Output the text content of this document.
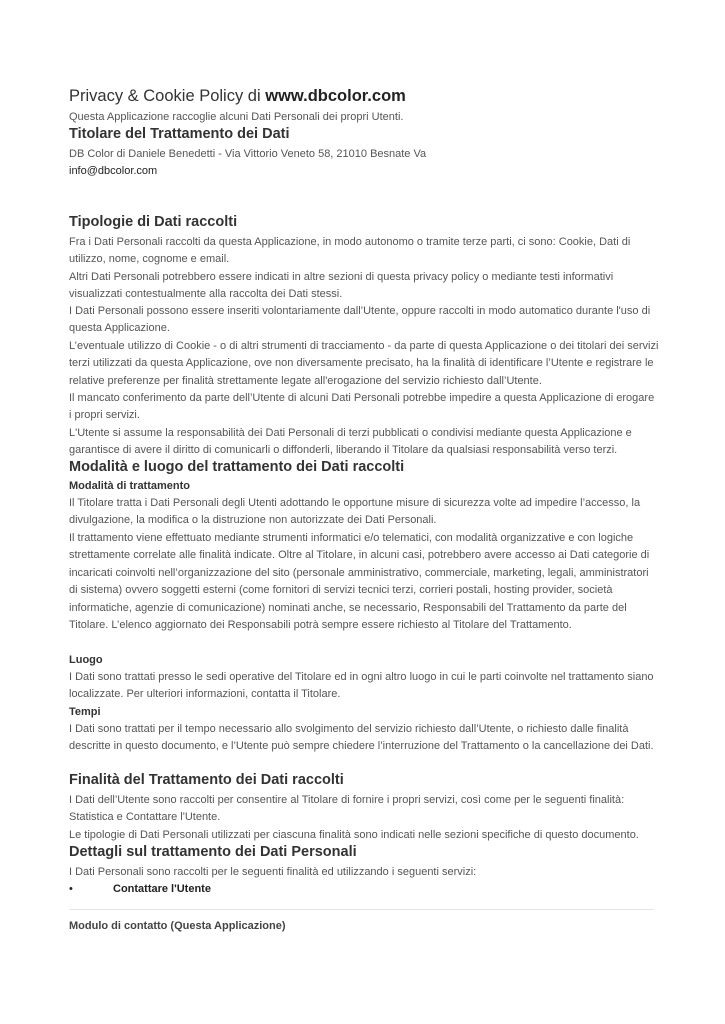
Privacy & Cookie Policy di www.dbcolor.com
Questa Applicazione raccoglie alcuni Dati Personali dei propri Utenti.
Titolare del Trattamento dei Dati
DB Color di Daniele Benedetti - Via Vittorio Veneto 58, 21010 Besnate Va
info@dbcolor.com
Tipologie di Dati raccolti
Fra i Dati Personali raccolti da questa Applicazione, in modo autonomo o tramite terze parti, ci sono: Cookie, Dati di utilizzo, nome, cognome e email.
Altri Dati Personali potrebbero essere indicati in altre sezioni di questa privacy policy o mediante testi informativi visualizzati contestualmente alla raccolta dei Dati stessi.
I Dati Personali possono essere inseriti volontariamente dall’Utente, oppure raccolti in modo automatico durante l'uso di questa Applicazione.
L’eventuale utilizzo di Cookie - o di altri strumenti di tracciamento - da parte di questa Applicazione o dei titolari dei servizi terzi utilizzati da questa Applicazione, ove non diversamente precisato, ha la finalità di identificare l’Utente e registrare le relative preferenze per finalità strettamente legate all'erogazione del servizio richiesto dall’Utente.
Il mancato conferimento da parte dell’Utente di alcuni Dati Personali potrebbe impedire a questa Applicazione di erogare i propri servizi.
L'Utente si assume la responsabilità dei Dati Personali di terzi pubblicati o condivisi mediante questa Applicazione e garantisce di avere il diritto di comunicarli o diffonderli, liberando il Titolare da qualsiasi responsabilità verso terzi.
Modalità e luogo del trattamento dei Dati raccolti
Modalità di trattamento
Il Titolare tratta i Dati Personali degli Utenti adottando le opportune misure di sicurezza volte ad impedire l’accesso, la divulgazione, la modifica o la distruzione non autorizzate dei Dati Personali.
Il trattamento viene effettuato mediante strumenti informatici e/o telematici, con modalità organizzative e con logiche strettamente correlate alle finalità indicate. Oltre al Titolare, in alcuni casi, potrebbero avere accesso ai Dati categorie di incaricati coinvolti nell’organizzazione del sito (personale amministrativo, commerciale, marketing, legali, amministratori di sistema) ovvero soggetti esterni (come fornitori di servizi tecnici terzi, corrieri postali, hosting provider, società informatiche, agenzie di comunicazione) nominati anche, se necessario, Responsabili del Trattamento da parte del Titolare. L’elenco aggiornato dei Responsabili potrà sempre essere richiesto al Titolare del Trattamento.
Luogo
I Dati sono trattati presso le sedi operative del Titolare ed in ogni altro luogo in cui le parti coinvolte nel trattamento siano localizzate. Per ulteriori informazioni, contatta il Titolare.
Tempi
I Dati sono trattati per il tempo necessario allo svolgimento del servizio richiesto dall’Utente, o richiesto dalle finalità descritte in questo documento, e l’Utente può sempre chiedere l’interruzione del Trattamento o la cancellazione dei Dati.
Finalità del Trattamento dei Dati raccolti
I Dati dell’Utente sono raccolti per consentire al Titolare di fornire i propri servizi, così come per le seguenti finalità: Statistica e Contattare l'Utente.
Le tipologie di Dati Personali utilizzati per ciascuna finalità sono indicati nelle sezioni specifiche di questo documento.
Dettagli sul trattamento dei Dati Personali
I Dati Personali sono raccolti per le seguenti finalità ed utilizzando i seguenti servizi:
•	Contattare l'Utente
Modulo di contatto (Questa Applicazione)
